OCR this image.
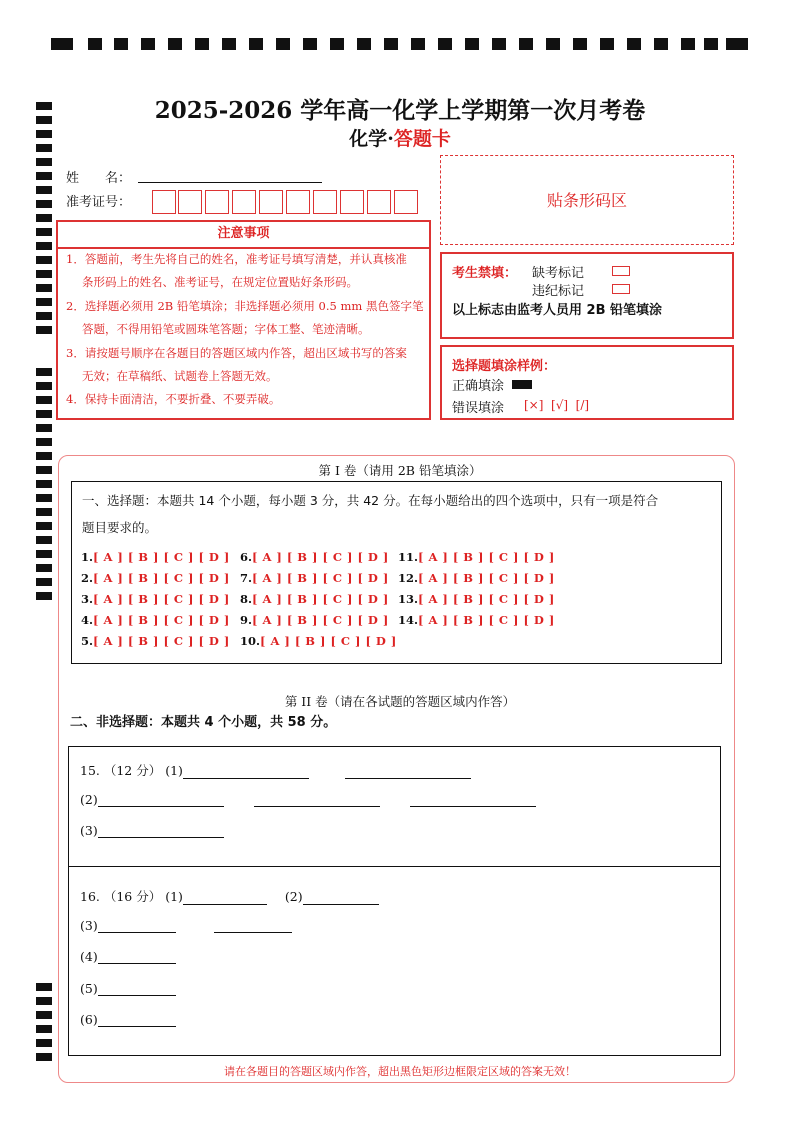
2025-2026 学年高一化学上学期第一次月考卷
化学·答题卡
姓　　名：
准考证号：	贴条形码区
注意事项
1．答题前，考生先将自己的姓名，准考证号填写清楚，并认真核准
条形码上的姓名、准考证号，在规定位置贴好条形码。
2．选择题必须用 2B 铅笔填涂；非选择题必须用 0.5 mm 黑色签字笔
答题，不得用铅笔或圆珠笔答题；字体工整、笔迹清晰。
3．请按题号顺序在各题目的答题区域内作答，超出区域书写的答案
无效；在草稿纸、试题卷上答题无效。
4．保持卡面清洁，不要折叠、不要弄破。
考生禁填： 缺考标记
违纪标记
以上标志由监考人员用 2B 铅笔填涂
选择题填涂样例：
正确填涂
错误填涂 [×]  [√]  [/]
第 I 卷（请用 2B 铅笔填涂）
一、选择题：本题共 14 个小题，每小题 3 分，共 42 分。在每小题给出的四个选项中，只有一项是符合
题目要求的。
1.[ A ] [ B ] [ C ] [ D ]
2.[ A ] [ B ] [ C ] [ D ]
3.[ A ] [ B ] [ C ] [ D ]
4.[ A ] [ B ] [ C ] [ D ]
5.[ A ] [ B ] [ C ] [ D ]
6.[ A ] [ B ] [ C ] [ D ]
7.[ A ] [ B ] [ C ] [ D ]
8.[ A ] [ B ] [ C ] [ D ]
9.[ A ] [ B ] [ C ] [ D ]
10.[ A ] [ B ] [ C ] [ D ]
11.[ A ] [ B ] [ C ] [ D ]
12.[ A ] [ B ] [ C ] [ D ]
13.[ A ] [ B ] [ C ] [ D ]
14.[ A ] [ B ] [ C ] [ D ]
第 II 卷（请在各试题的答题区域内作答）
二、非选择题：本题共 4 个小题，共 58 分。
15. （12 分） (1)
(2)
(3)
16. （16 分） (1)	(2)
(3)
(4)
(5)
(6)
请在各题目的答题区域内作答，超出黑色矩形边框限定区域的答案无效！
